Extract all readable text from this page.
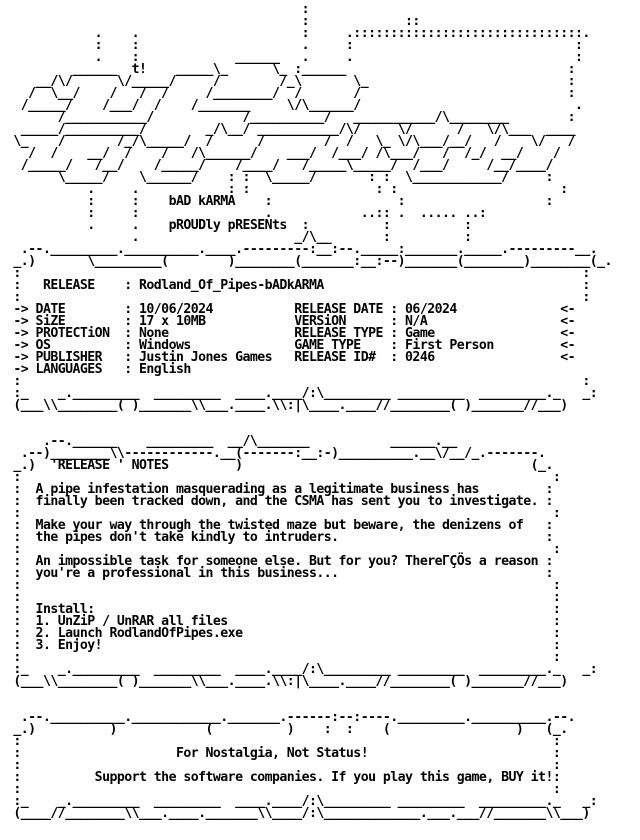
:
:             ::
.    .                      :     .:::::::::::::::::::::::::::::::.
:    :                      .     :                              :
.    :             ______   .     .                              :
______  t!    _____\_      \_ :______                              :
__/\/      \/_____/     /        /_\       \_                           :
/  \__/    /   /  /     /________/  /       /                            :
/_____/    /___/  /    /_______     \/\______/                             .
/___________/            /__________/   ___________/\________        :
_____/__________/        _/\__/ ___________/\/     \/      /   \/\___  ____
\_    /       /_/\_____/  /      /        /  /   \_ \/\___/__/   /    \/   /
/  /    __/  /    /   /\______/    ___/  /___/ /\___/   /  /_/  __/    /
/_____/   /__/    /_____/    /____/   /_____\_____/  /___/     /__/____/
\_____/    \______/    : :  \_____/       : :  \____________/     :
.     .            : :                 : :                      :
:     :    bAD kARMA    :                 :                   :
:     :                 .            ..:: .  ..... ..:
.     .    pROUDly pRESENts  :          :          :
.                     _/\__       :          :
.--._________.__________.____.---------:__:--._____:_______._____.---------__.
_.)       \_________(        )________(_______:__:--)_______(________)________(_.
:                                                                            :
:   RELEASE    : Rodland_Of_Pipes-bADkARMA                                   :
:                                                                            :
-> DATE        : 10/06/2024           RELEASE DATE : 06/2024              <-
-> SiZE        : 17 x 10MB            VERSiON      : N/A                  <-
-> PROTECTiON  : None                 RELEASE TYPE : Game                 <-
-> OS          : Windows              GAME TYPE    : First Person         <-
-> PUBLISHER   : Justin Jones Games   RELEASE ID#  : 0246                 <-
-> LANGUAGES   : English
:                                                                            :
:_    _._________  _________  ____.____/:\_________ _________  _________._   _:
(___\\________( )_______\\___.____.\\:|\____.____//________( )_______//___)
.--.______    _________  __/\_______           ______.__
.--)________\\------------.__(-------:__:-)__________.__\/__/_.-------.
_.)  'RELEASE ' NOTES         )                                       (_.
:                                                                        :
:  A pipe infestation masquerading as a legitimate business has         :
:  finally been tracked down, and the CSMA has sent you to investigate. :
:                                                                        :
:  Make your way through the twisted maze but beware, the denizens of   :
:  the pipes don't take kindly to intruders.                            :
:                                                                        :
:  An impossible task for someone else. But for you? ThereΓÇÖs a reason :
:  you're a professional in this business...                            :
:                                                                        :
:                                                                        :
:  Install:                                                              :
:  1. UnZiP / UnRAR all files                                            :
:  2. Launch RodlandOfPipes.exe                                          :
:  3. Enjoy!                                                             :
:                                                                        :
:_    _._________  _________  ____.____/:\_________ _________  _________._   _:
(___\\________( )_______\\___.____.\\:|\____.____//________( )_______//___)
.--.__________.____________._______.------:--:----._________.__________.--.
_.)          )            (          )    :  :    (                 )   (_.
:                                                                        :
:                     For Nostalgia, Not Status!                         :
:                                                                        :
:          Support the software companies. If you play this game, BUY it!:
:                                                                        :
:_    _._________  _________  ____.____/:\_________ _________  _________._   _:
(____//________\\___.____._______\\____/:\_____________.___.___//_______\\___)
